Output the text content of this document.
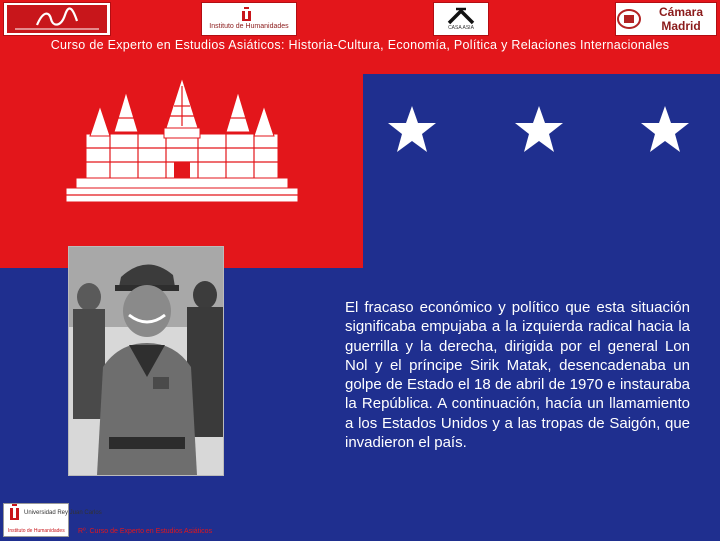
Instituto de Humanidades	CASA ASIA
Cámara Madrid
Curso de Experto en Estudios Asiáticos: Historia-Cultura, Economía, Política y Relaciones Internacionales

El fracaso económico y político que esta situación significaba empujaba a la izquierda radical hacia la guerrilla y la derecha, dirigida por el general Lon Nol y el príncipe Sirik Matak, desencadenaba un golpe de Estado el 18 de abril de 1970 e instauraba la República. A continuación, hacía un llamamiento a los Estados Unidos y a las tropas de Saigón, que invadieron el país.

Universidad Rey Juan Carlos
Instituto de Humanidades Rº. Curso de Experto en Estudios Asiáticos
